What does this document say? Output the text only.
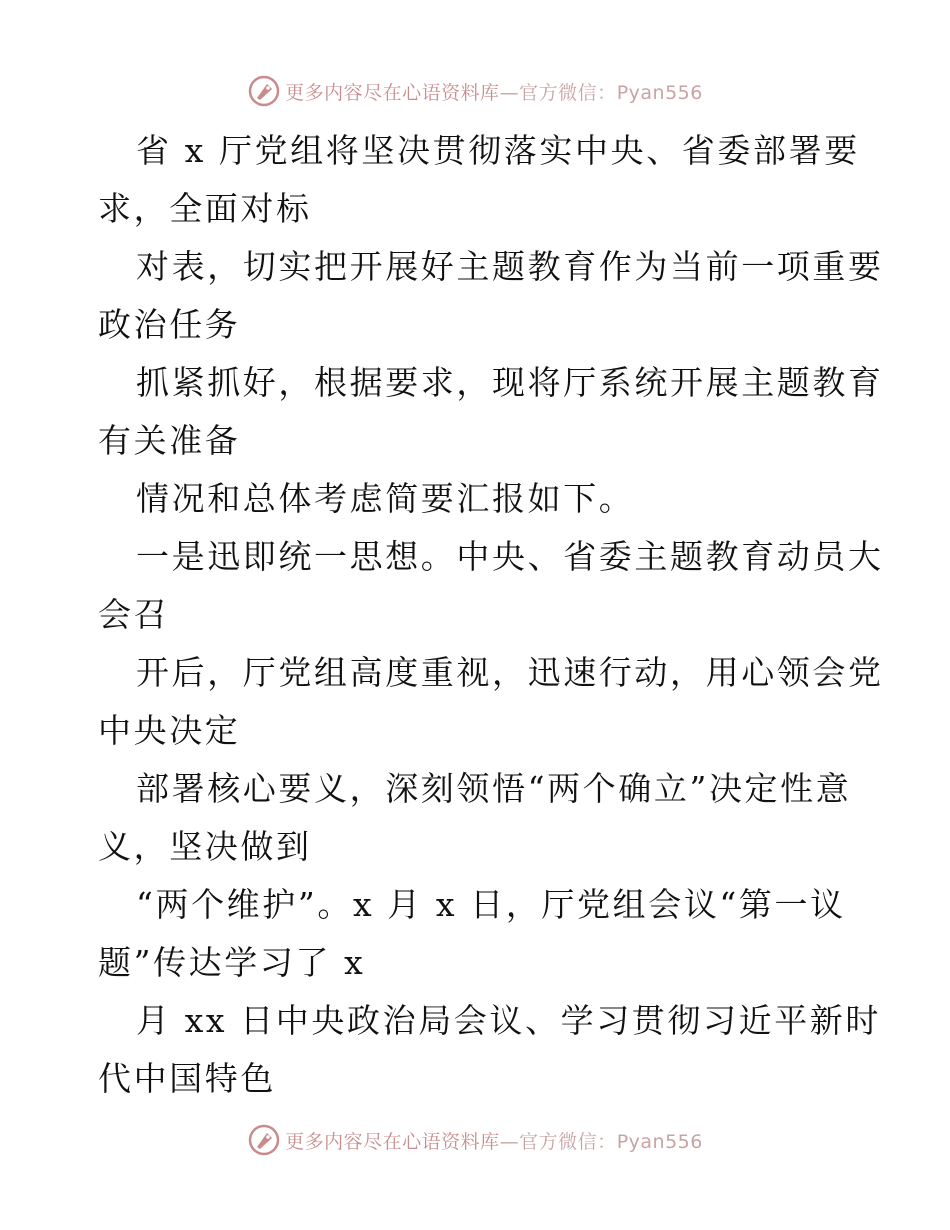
更多内容尽在心语资料库—官方微信：Pyan556
省 x 厅党组将坚决贯彻落实中央、省委部署要
求，全面对标
对表，切实把开展好主题教育作为当前一项重要
政治任务
抓紧抓好，根据要求，现将厅系统开展主题教育
有关准备
情况和总体考虑简要汇报如下。
一是迅即统一思想。中央、省委主题教育动员大
会召
开后，厅党组高度重视，迅速行动，用心领会党
中央决定
部署核心要义，深刻领悟“两个确立”决定性意
义，坚决做到
“两个维护”。x 月 x 日，厅党组会议“第一议
题”传达学习了 x
月 xx 日中央政治局会议、学习贯彻习近平新时
代中国特色
更多内容尽在心语资料库—官方微信：Pyan556
